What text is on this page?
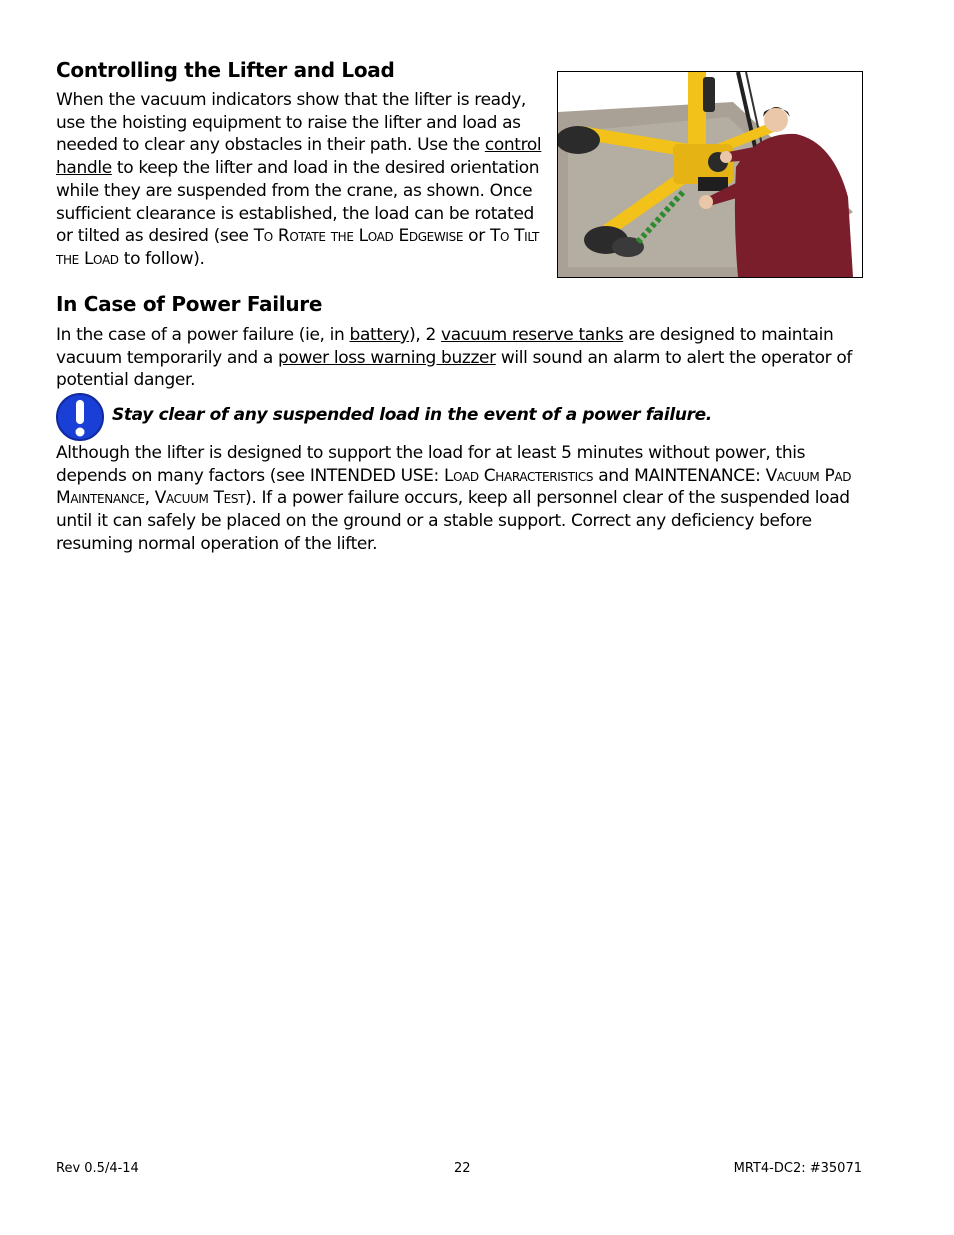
Controlling the Lifter and Load

When the vacuum indicators show that the lifter is ready, use the hoisting equipment to raise the lifter and load as needed to clear any obstacles in their path. Use the control handle to keep the lifter and load in the desired orientation while they are suspended from the crane, as shown. Once sufficient clearance is established, the load can be rotated or tilted as desired (see To Rotate the Load Edgewise or To Tilt the Load to follow).

In Case of Power Failure

In the case of a power failure (ie, in battery), 2 vacuum reserve tanks are designed to maintain vacuum temporarily and a power loss warning buzzer will sound an alarm to alert the operator of potential danger.

Stay clear of any suspended load in the event of a power failure.

Although the lifter is designed to support the load for at least 5 minutes without power, this depends on many factors (see INTENDED USE: Load Characteristics and MAINTENANCE: Vacuum Pad Maintenance, Vacuum Test). If a power failure occurs, keep all personnel clear of the suspended load until it can safely be placed on the ground or a stable support. Correct any deficiency before resuming normal operation of the lifter.

Rev 0.5/4-14	22	MRT4-DC2: #35071
